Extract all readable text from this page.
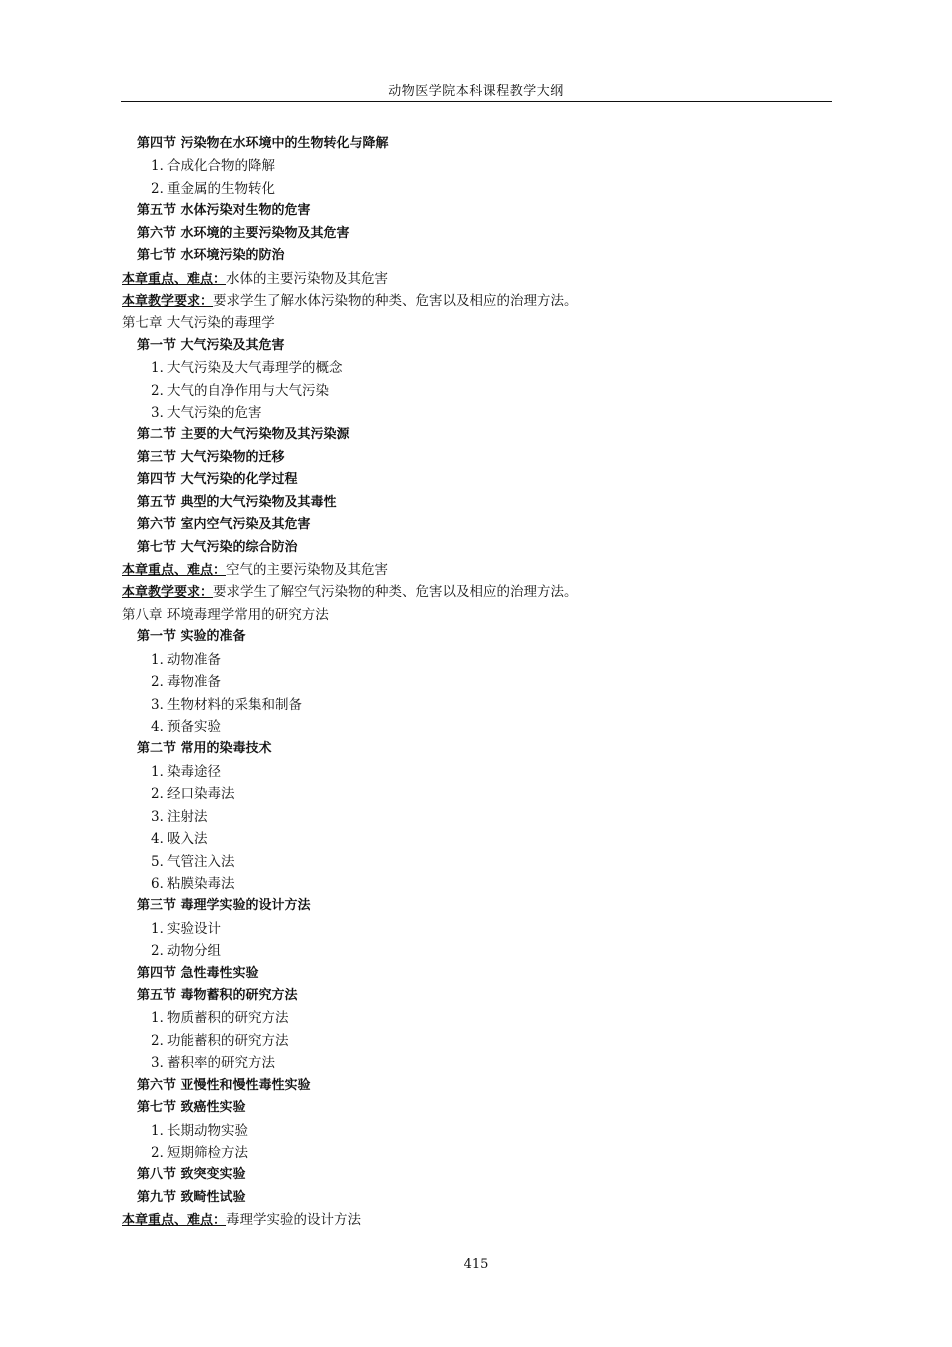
动物医学院本科课程教学大纲
第四节 污染物在水环境中的生物转化与降解
1．合成化合物的降解
2．重金属的生物转化
第五节 水体污染对生物的危害
第六节 水环境的主要污染物及其危害
第七节 水环境污染的防治
本章重点、难点：水体的主要污染物及其危害
本章教学要求：要求学生了解水体污染物的种类、危害以及相应的治理方法。
第七章 大气污染的毒理学
第一节 大气污染及其危害
1．大气污染及大气毒理学的概念
2．大气的自净作用与大气污染
3．大气污染的危害
第二节 主要的大气污染物及其污染源
第三节 大气污染物的迁移
第四节 大气污染的化学过程
第五节 典型的大气污染物及其毒性
第六节 室内空气污染及其危害
第七节 大气污染的综合防治
本章重点、难点：空气的主要污染物及其危害
本章教学要求：要求学生了解空气污染物的种类、危害以及相应的治理方法。
第八章 环境毒理学常用的研究方法
第一节 实验的准备
1．动物准备
2．毒物准备
3．生物材料的采集和制备
4．预备实验
第二节 常用的染毒技术
1．染毒途径
2．经口染毒法
3．注射法
4．吸入法
5．气管注入法
6．粘膜染毒法
第三节 毒理学实验的设计方法
1．实验设计
2．动物分组
第四节 急性毒性实验
第五节 毒物蓄积的研究方法
1．物质蓄积的研究方法
2．功能蓄积的研究方法
3．蓄积率的研究方法
第六节 亚慢性和慢性毒性实验
第七节 致癌性实验
1．长期动物实验
2．短期筛检方法
第八节 致突变实验
第九节 致畸性试验
本章重点、难点：毒理学实验的设计方法
415
